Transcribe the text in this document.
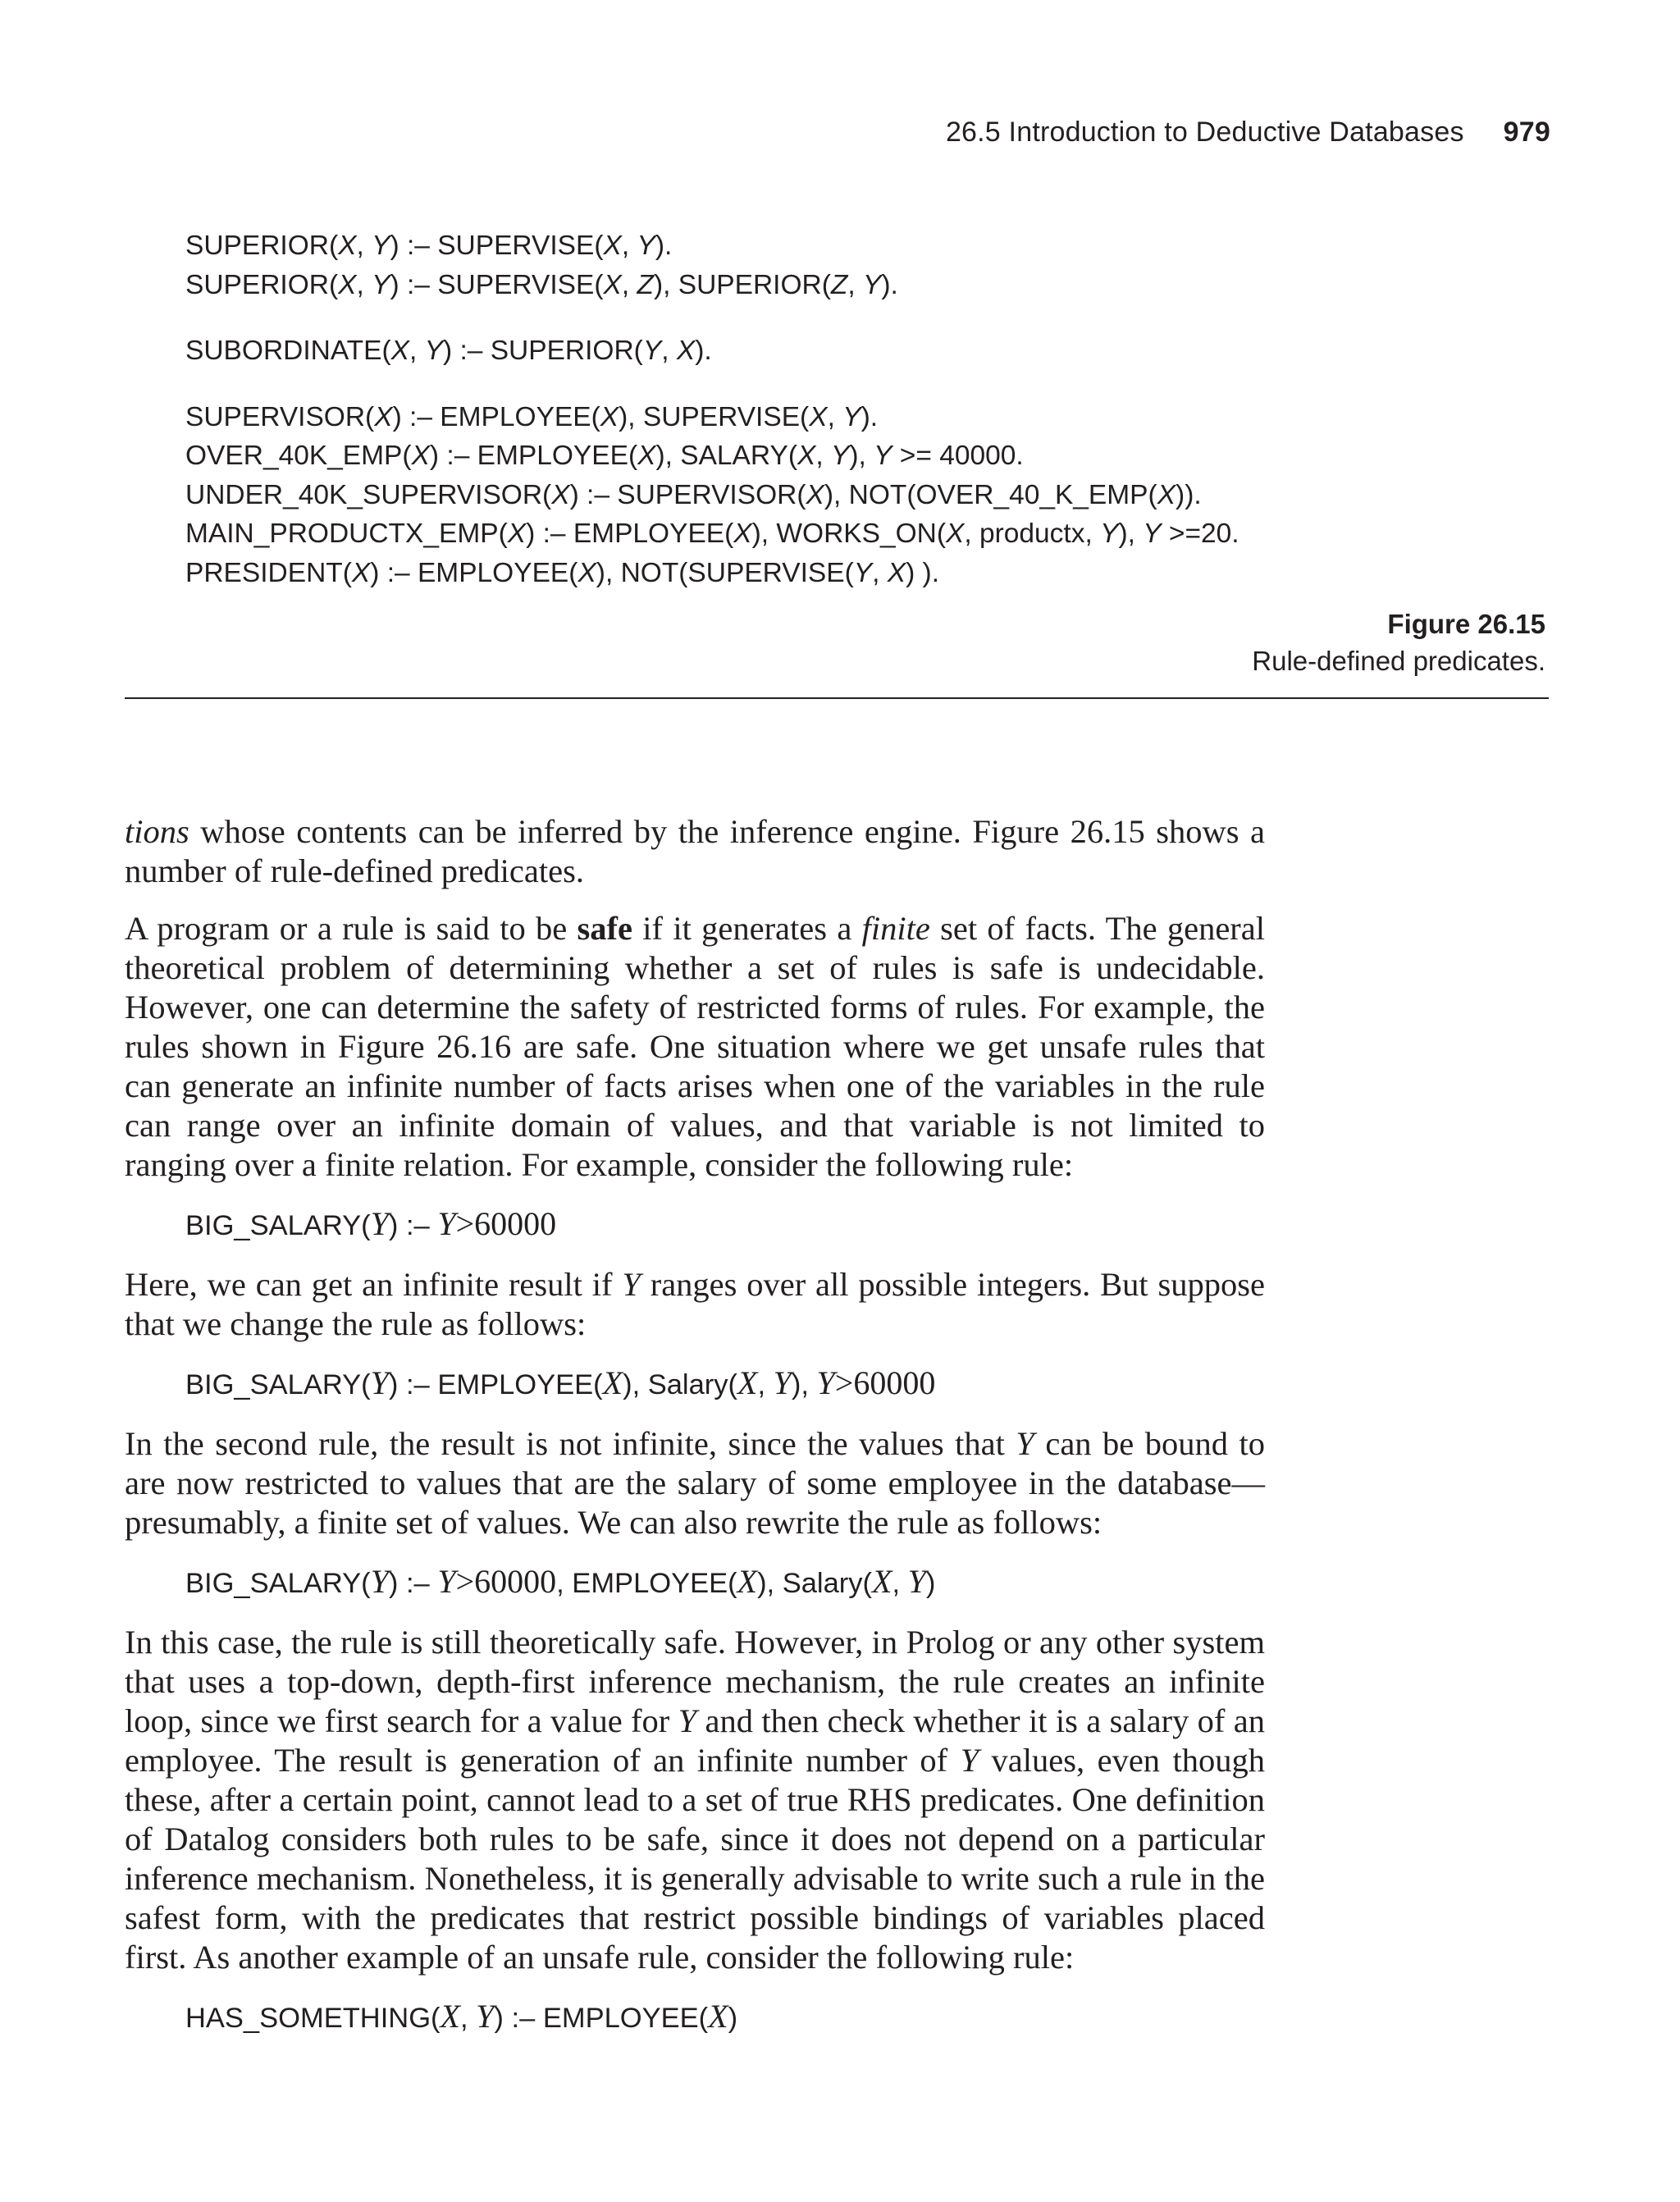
26.5 Introduction to Deductive Databases 979
SUPERIOR(X, Y) :– SUPERVISE(X, Y).
SUPERIOR(X, Y) :– SUPERVISE(X, Z), SUPERIOR(Z, Y).
SUBORDINATE(X, Y) :– SUPERIOR(Y, X).
SUPERVISOR(X) :– EMPLOYEE(X), SUPERVISE(X, Y).
OVER_40K_EMP(X) :– EMPLOYEE(X), SALARY(X, Y), Y >= 40000.
UNDER_40K_SUPERVISOR(X) :– SUPERVISOR(X), NOT(OVER_40_K_EMP(X)).
MAIN_PRODUCTX_EMP(X) :– EMPLOYEE(X), WORKS_ON(X, productx, Y), Y >=20.
PRESIDENT(X) :– EMPLOYEE(X), NOT(SUPERVISE(Y, X) ).
Figure 26.15
Rule-defined predicates.

tions whose contents can be inferred by the inference engine. Figure 26.15 shows a number of rule-defined predicates.

A program or a rule is said to be safe if it generates a finite set of facts. The general theoretical problem of determining whether a set of rules is safe is undecidable. However, one can determine the safety of restricted forms of rules. For example, the rules shown in Figure 26.16 are safe. One situation where we get unsafe rules that can generate an infinite number of facts arises when one of the variables in the rule can range over an infinite domain of values, and that variable is not limited to ranging over a finite relation. For example, consider the following rule:

BIG_SALARY(Y) :– Y>60000

Here, we can get an infinite result if Y ranges over all possible integers. But suppose that we change the rule as follows:

BIG_SALARY(Y) :– EMPLOYEE(X), Salary(X, Y), Y>60000

In the second rule, the result is not infinite, since the values that Y can be bound to are now restricted to values that are the salary of some employee in the database—presumably, a finite set of values. We can also rewrite the rule as follows:

BIG_SALARY(Y) :– Y>60000, EMPLOYEE(X), Salary(X, Y)

In this case, the rule is still theoretically safe. However, in Prolog or any other system that uses a top-down, depth-first inference mechanism, the rule creates an infinite loop, since we first search for a value for Y and then check whether it is a salary of an employee. The result is generation of an infinite number of Y values, even though these, after a certain point, cannot lead to a set of true RHS predicates. One definition of Datalog considers both rules to be safe, since it does not depend on a particular inference mechanism. Nonetheless, it is generally advisable to write such a rule in the safest form, with the predicates that restrict possible bindings of variables placed first. As another example of an unsafe rule, consider the following rule:

HAS_SOMETHING(X, Y) :– EMPLOYEE(X)
